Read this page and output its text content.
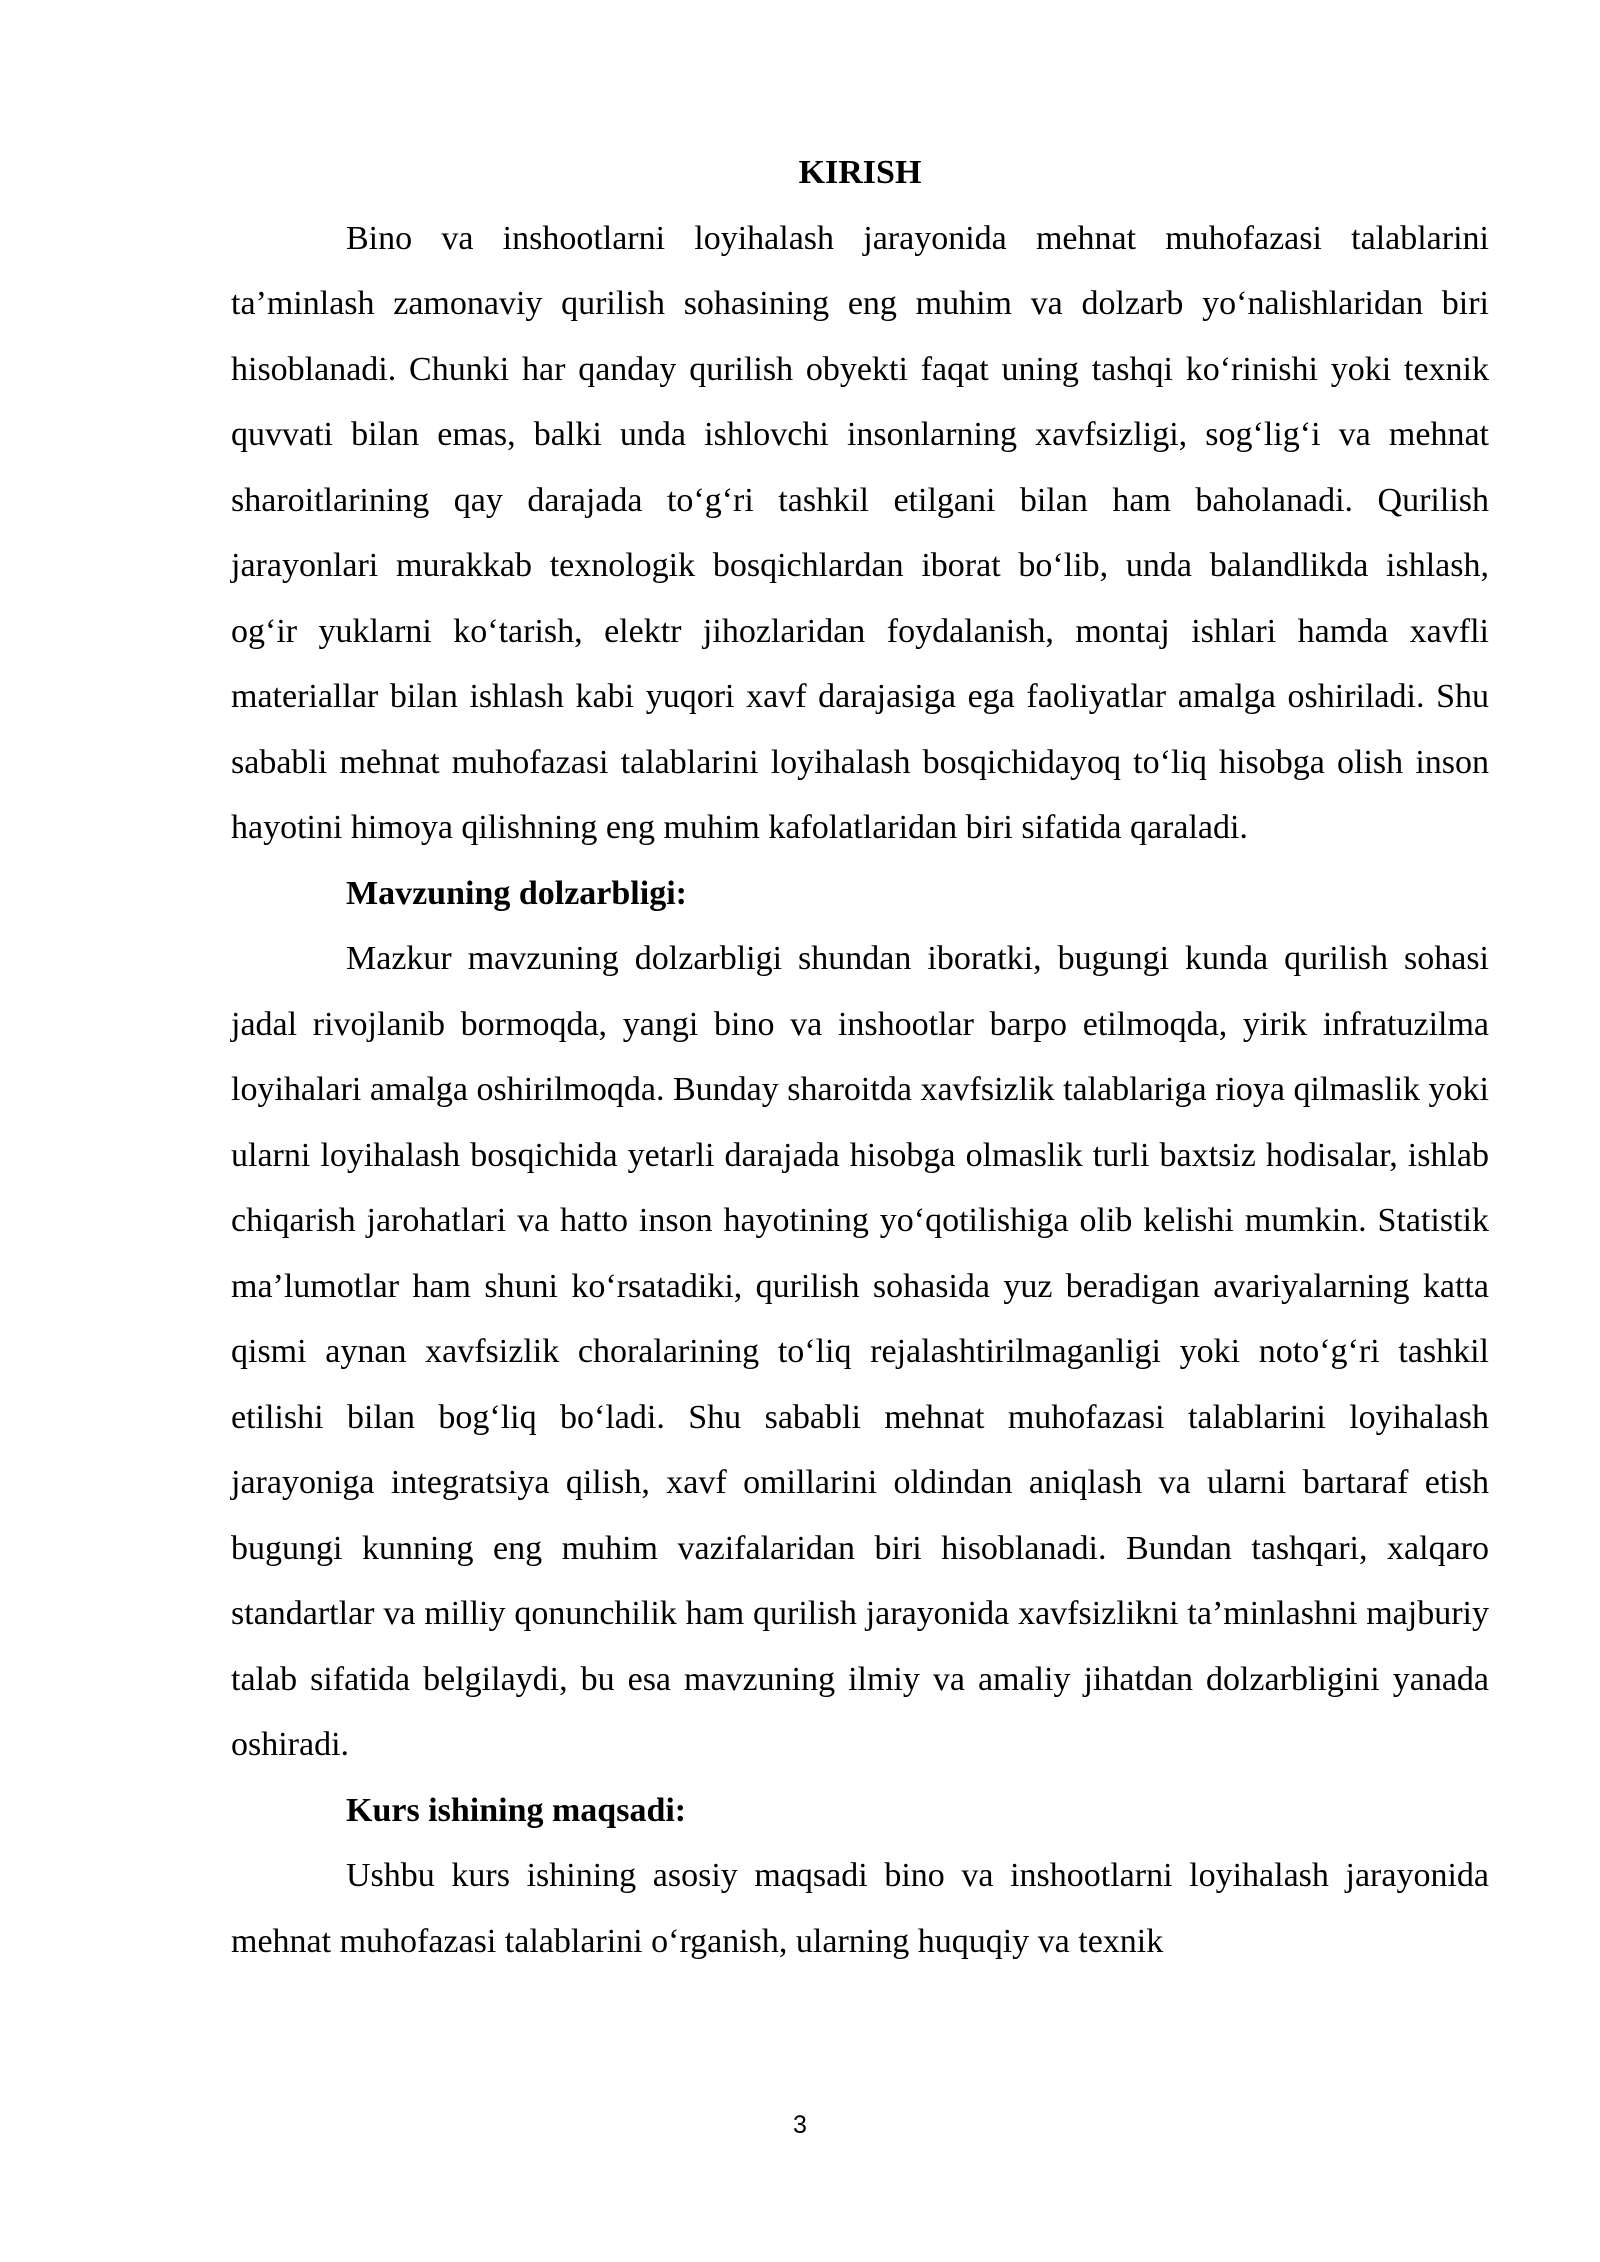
KIRISH

Bino va inshootlarni loyihalash jarayonida mehnat muhofazasi talablarini ta’minlash zamonaviy qurilish sohasining eng muhim va dolzarb yo‘nalishlaridan biri hisoblanadi. Chunki har qanday qurilish obyekti faqat uning tashqi ko‘rinishi yoki texnik quvvati bilan emas, balki unda ishlovchi insonlarning xavfsizligi, sog‘lig‘i va mehnat sharoitlarining qay darajada to‘g‘ri tashkil etilgani bilan ham baholanadi. Qurilish jarayonlari murakkab texnologik bosqichlardan iborat bo‘lib, unda balandlikda ishlash, og‘ir yuklarni ko‘tarish, elektr jihozlaridan foydalanish, montaj ishlari hamda xavfli materiallar bilan ishlash kabi yuqori xavf darajasiga ega faoliyatlar amalga oshiriladi. Shu sababli mehnat muhofazasi talablarini loyihalash bosqichidayoq to‘liq hisobga olish inson hayotini himoya qilishning eng muhim kafolatlaridan biri sifatida qaraladi.

Mavzuning dolzarbligi:

Mazkur mavzuning dolzarbligi shundan iboratki, bugungi kunda qurilish sohasi jadal rivojlanib bormoqda, yangi bino va inshootlar barpo etilmoqda, yirik infratuzilma loyihalari amalga oshirilmoqda. Bunday sharoitda xavfsizlik talablariga rioya qilmaslik yoki ularni loyihalash bosqichida yetarli darajada hisobga olmaslik turli baxtsiz hodisalar, ishlab chiqarish jarohatlari va hatto inson hayotining yo‘qotilishiga olib kelishi mumkin. Statistik ma’lumotlar ham shuni ko‘rsatadiki, qurilish sohasida yuz beradigan avariyalarning katta qismi aynan xavfsizlik choralarining to‘liq rejalashtirilmaganligi yoki noto‘g‘ri tashkil etilishi bilan bog‘liq bo‘ladi. Shu sababli mehnat muhofazasi talablarini loyihalash jarayoniga integratsiya qilish, xavf omillarini oldindan aniqlash va ularni bartaraf etish bugungi kunning eng muhim vazifalaridan biri hisoblanadi. Bundan tashqari, xalqaro standartlar va milliy qonunchilik ham qurilish jarayonida xavfsizlikni ta’minlashni majburiy talab sifatida belgilaydi, bu esa mavzuning ilmiy va amaliy jihatdan dolzarbligini yanada oshiradi.

Kurs ishining maqsadi:

Ushbu kurs ishining asosiy maqsadi bino va inshootlarni loyihalash jarayonida mehnat muhofazasi talablarini o‘rganish, ularning huquqiy va texnik

3
